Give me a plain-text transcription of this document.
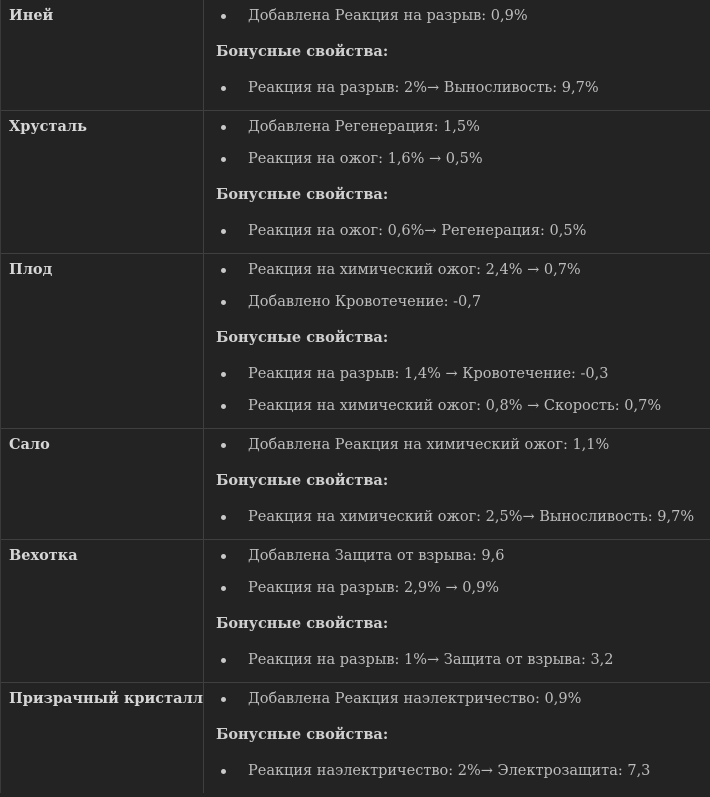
Иней	Добавлена Реакция на разрыв: 0,9%
Бонусные свойства:
Реакция на разрыв: 2%→ Выносливость: 9,7%
Хрусталь	Добавлена Регенерация: 1,5%
Реакция на ожог: 1,6% → 0,5%
Бонусные свойства:
Реакция на ожог: 0,6%→ Регенерация: 0,5%
Плод	Реакция на химический ожог: 2,4% → 0,7%
Добавлено Кровотечение: -0,7
Бонусные свойства:
Реакция на разрыв: 1,4% → Кровотечение: -0,3
Реакция на химический ожог: 0,8% → Скорость: 0,7%
Сало	Добавлена Реакция на химический ожог: 1,1%
Бонусные свойства:
Реакция на химический ожог: 2,5%→ Выносливость: 9,7%
Вехотка	Добавлена Защита от взрыва: 9,6
Реакция на разрыв: 2,9% → 0,9%
Бонусные свойства:
Реакция на разрыв: 1%→ Защита от взрыва: 3,2
Призрачный кристалл	Добавлена Реакция наэлектричество: 0,9%
Бонусные свойства:
Реакция наэлектричество: 2%→ Электрозащита: 7,3
